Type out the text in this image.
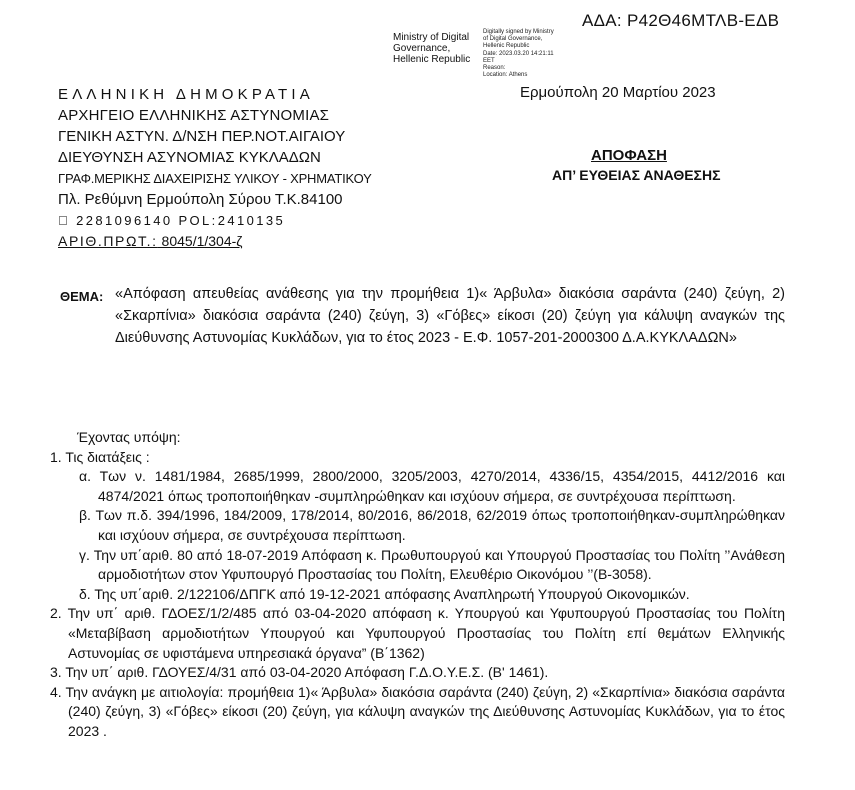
ΑΔΑ: Ρ42Θ46ΜΤΛΒ-ΕΔΒ
Ministry of Digital
Governance,
Hellenic Republic
Digitally signed by Ministry
of Digital Governance,
Hellenic Republic
Date: 2023.03.20 14:21:11
EET
Reason:
Location: Athens
ΕΛΛΗΝΙΚΗ ΔΗΜΟΚΡΑΤΙΑ
ΑΡΧΗΓΕΙΟ ΕΛΛΗΝΙΚΗΣ ΑΣΤΥΝΟΜΙΑΣ
ΓΕΝΙΚΗ ΑΣΤΥΝ. Δ/ΝΣΗ ΠΕΡ.ΝΟΤ.ΑΙΓΑΙΟΥ
ΔΙΕΥΘΥΝΣΗ ΑΣΥΝΟΜΙΑΣ ΚΥΚΛΑΔΩΝ
ΓΡΑΦ.ΜΕΡΙΚΗΣ ΔΙΑΧΕΙΡΙΣΗΣ ΥΛΙΚΟΥ - ΧΡΗΜΑΤΙΚΟΥ
Πλ. Ρεθύμνη Ερμούπολη Σύρου Τ.Κ.84100
  2281096140 POL:2410135
ΑΡΙΘ.ΠΡΩΤ.: 8045/1/304-ζ
Ερμούπολη 20 Μαρτίου 2023
ΑΠΟΦΑΣΗ
ΑΠ’ ΕΥΘΕΙΑΣ ΑΝΑΘΕΣΗΣ
ΘΕΜΑ: «Απόφαση απευθείας ανάθεσης για την προμήθεια 1)« Άρβυλα» διακόσια σαράντα (240) ζεύγη, 2) «Σκαρπίνια» διακόσια σαράντα (240) ζεύγη, 3) «Γόβες» είκοσι (20) ζεύγη για κάλυψη αναγκών της Διεύθυνσης Αστυνομίας Κυκλάδων, για το έτος 2023 - Ε.Φ. 1057-201-2000300 Δ.Α.ΚΥΚΛΑΔΩΝ»
Έχοντας υπόψη:
1. Τις διατάξεις :
α. Των ν. 1481/1984, 2685/1999, 2800/2000, 3205/2003, 4270/2014, 4336/15, 4354/2015, 4412/2016 και 4874/2021 όπως τροποποιήθηκαν -συμπληρώθηκαν και ισχύουν σήμερα, σε συντρέχουσα περίπτωση.
β. Των π.δ. 394/1996, 184/2009, 178/2014, 80/2016, 86/2018, 62/2019 όπως τροποποιήθηκαν-συμπληρώθηκαν και ισχύουν σήμερα, σε συντρέχουσα περίπτωση.
γ. Την υπ΄αριθ. 80 από 18-07-2019 Απόφαση κ. Πρωθυπουργού και Υπουργού Προστασίας του Πολίτη ’’Ανάθεση αρμοδιοτήτων στον Υφυπουργό Προστασίας του Πολίτη, Ελευθέριο Οικονόμου ’’(Β-3058).
δ. Της υπ΄αριθ. 2/122106/ΔΠΓΚ από 19-12-2021 απόφασης Αναπληρωτή Υπουργού Οικονομικών.
2. Την υπ΄ αριθ. ΓΔΟΕΣ/1/2/485 από 03-04-2020 απόφαση κ. Υπουργού και Υφυπουργού Προστασίας του Πολίτη «Μεταβίβαση αρμοδιοτήτων Υπουργού και Υφυπουργού Προστασίας του Πολίτη επί θεμάτων Ελληνικής Αστυνομίας σε υφιστάμενα υπηρεσιακά όργανα” (Β΄1362)
3. Την υπ΄ αριθ. ΓΔΟΥΕΣ/4/31 από 03-04-2020 Απόφαση Γ.Δ.Ο.Υ.Ε.Σ. (Β' 1461).
4. Την ανάγκη με αιτιολογία: προμήθεια 1)« Άρβυλα» διακόσια σαράντα (240) ζεύγη, 2) «Σκαρπίνια» διακόσια σαράντα (240) ζεύγη, 3) «Γόβες» είκοσι (20) ζεύγη, για κάλυψη αναγκών της Διεύθυνσης Αστυνομίας Κυκλάδων, για το έτος 2023 .
